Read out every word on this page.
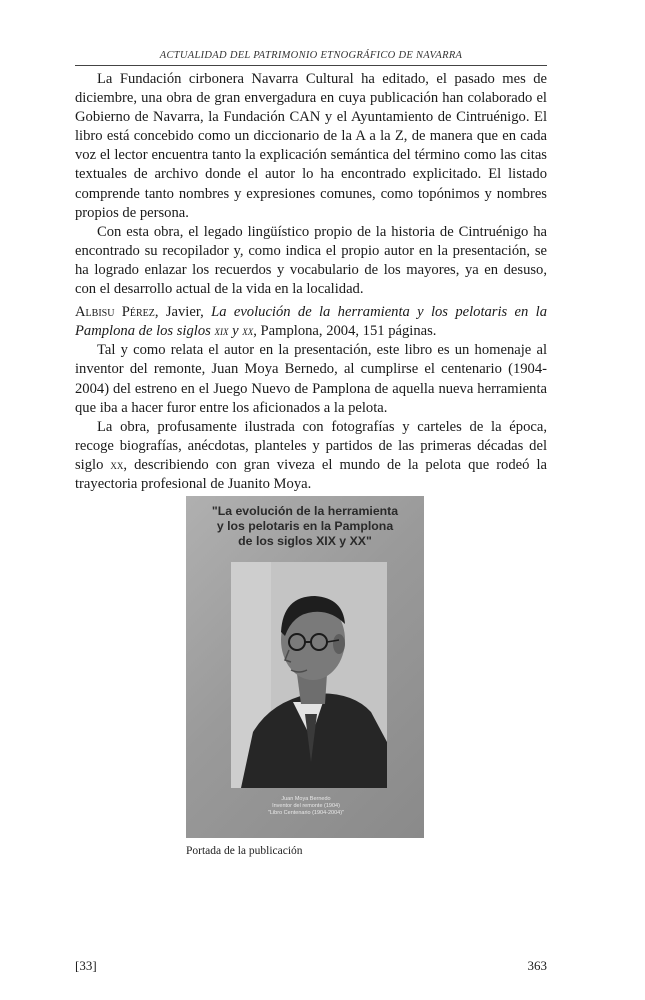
ACTUALIDAD DEL PATRIMONIO ETNOGRÁFICO DE NAVARRA

La Fundación cirbonera Navarra Cultural ha editado, el pasado mes de diciembre, una obra de gran envergadura en cuya publicación han colaborado el Gobierno de Navarra, la Fundación CAN y el Ayuntamiento de Cintruénigo. El libro está concebido como un diccionario de la A a la Z, de manera que en cada voz el lector encuentra tanto la explicación semántica del término como las citas textuales de archivo donde el autor lo ha encontrado explicitado. El listado comprende tanto nombres y expresiones comunes, como topónimos y nombres propios de persona.

Con esta obra, el legado lingüístico propio de la historia de Cintruénigo ha encontrado su recopilador y, como indica el propio autor en la presentación, se ha logrado enlazar los recuerdos y vocabulario de los mayores, ya en desuso, con el desarrollo actual de la vida en la localidad.

Albisu Pérez, Javier, La evolución de la herramienta y los pelotaris en la Pamplona de los siglos xix y xx, Pamplona, 2004, 151 páginas.

Tal y como relata el autor en la presentación, este libro es un homenaje al inventor del remonte, Juan Moya Bernedo, al cumplirse el centenario (1904-2004) del estreno en el Juego Nuevo de Pamplona de aquella nueva herramienta que iba a hacer furor entre los aficionados a la pelota.

La obra, profusamente ilustrada con fotografías y carteles de la época, recoge biografías, anécdotas, planteles y partidos de las primeras décadas del siglo xx, describiendo con gran viveza el mundo de la pelota que rodeó la trayectoria profesional de Juanito Moya.

"La evolución de la herramienta
y los pelotaris en la Pamplona
de los siglos XIX y XX"
Juan Moya Bernedo
Inventor del remonte (1904)
"Libro Centenario (1904-2004)"
Portada de la publicación
[33]	363
